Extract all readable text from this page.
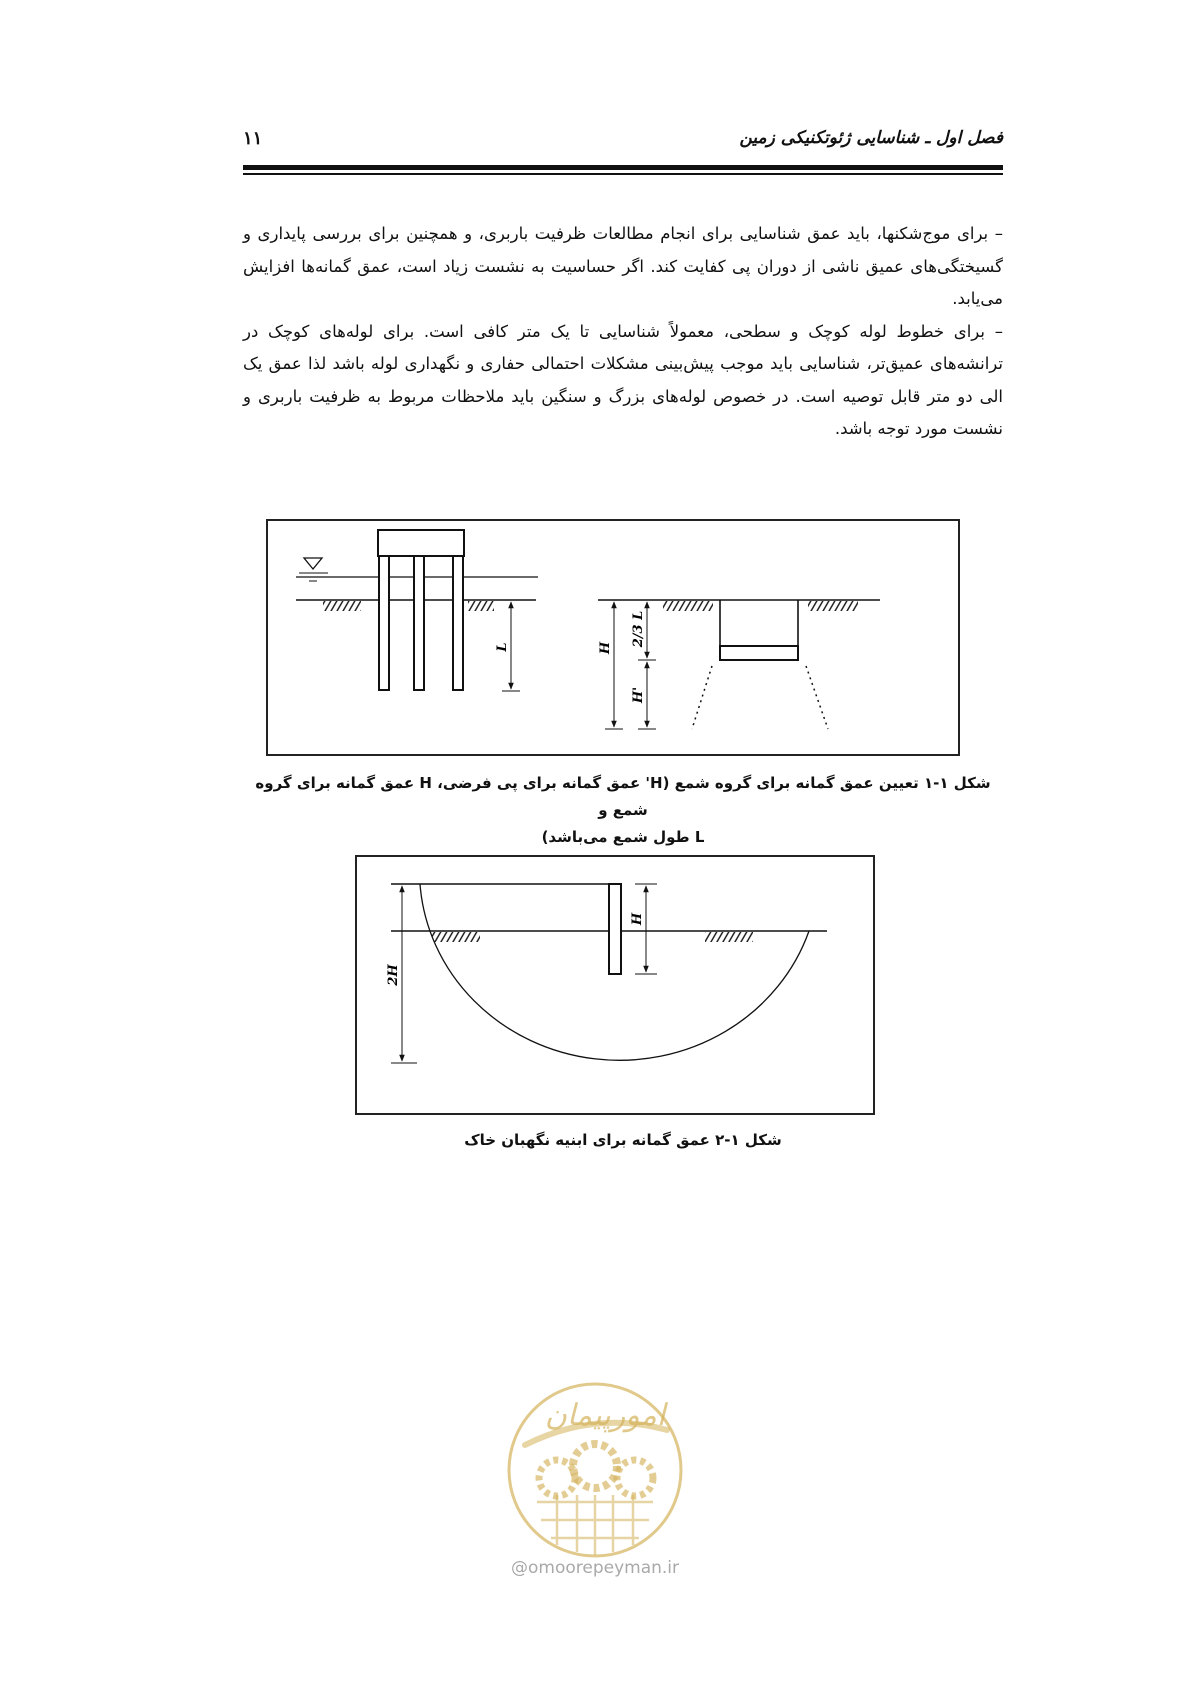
فصل اول ـ شناسایی ژئوتکنیکی زمین
۱۱

– برای موج‌شکنها، باید عمق شناسایی برای انجام مطالعات ظرفیت باربری، و همچنین برای بررسی پایداری و گسیختگی‌های عمیق ناشی از دوران پی کفایت کند. اگر حساسیت به نشست زیاد است، عمق گمانه‌ها افزایش می‌یابد.

– برای خطوط لوله کوچک و سطحی، معمولاً شناسایی تا یک متر کافی است. برای لوله‌های کوچک در ترانشه‌های عمیق‌تر، شناسایی باید موجب پیش‌بینی مشکلات احتمالی حفاری و نگهداری لوله باشد لذا عمق یک الی دو متر قابل توصیه است. در خصوص لوله‌های بزرگ و سنگین باید ملاحظات مربوط به ظرفیت باربری و نشست مورد توجه باشد.

L	H
2/3 L
H'
شکل ۱-۱ تعیین عمق گمانه برای گروه شمع (H' عمق گمانه برای پی فرضی، H عمق گمانه برای گروه شمع و
L طول شمع می‌باشد)
2H
H
شکل ۱-۲ عمق گمانه برای ابنیه نگهبان خاک
امورپیمان
@omoorepeyman.ir
